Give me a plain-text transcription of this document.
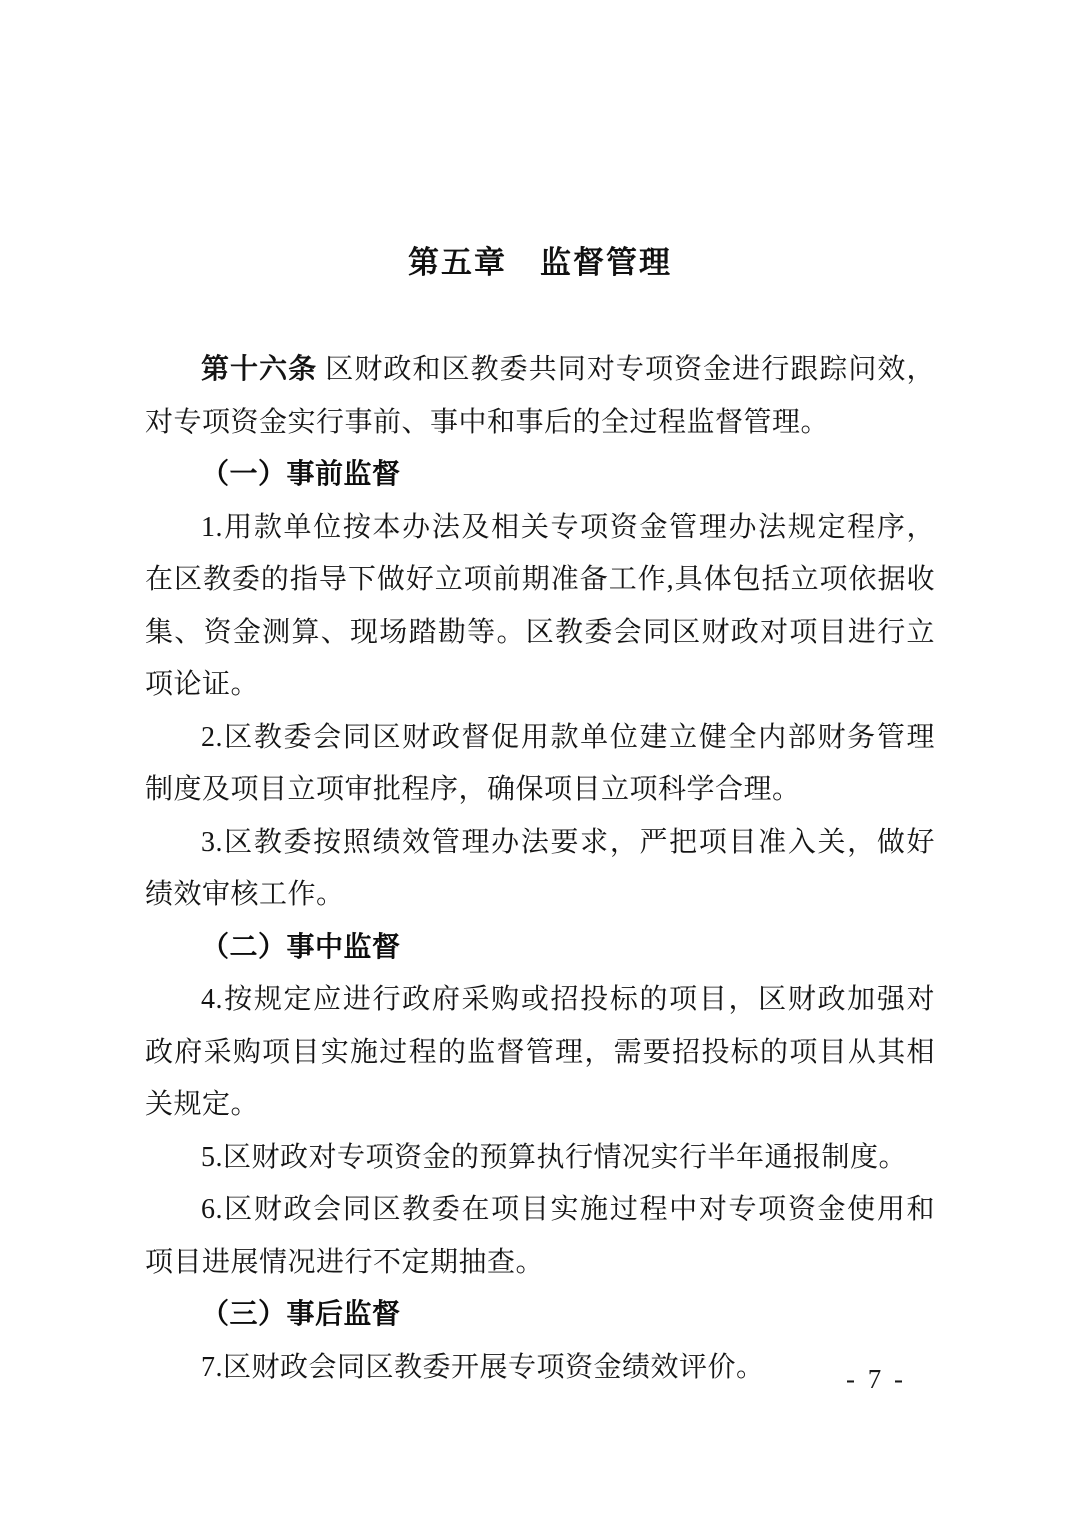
第五章　监督管理

第十六条 区财政和区教委共同对专项资金进行跟踪问效，对专项资金实行事前、事中和事后的全过程监督管理。

（一）事前监督

1.用款单位按本办法及相关专项资金管理办法规定程序，在区教委的指导下做好立项前期准备工作,具体包括立项依据收集、资金测算、现场踏勘等。区教委会同区财政对项目进行立项论证。

2.区教委会同区财政督促用款单位建立健全内部财务管理制度及项目立项审批程序，确保项目立项科学合理。

3.区教委按照绩效管理办法要求，严把项目准入关，做好绩效审核工作。

（二）事中监督

4.按规定应进行政府采购或招投标的项目，区财政加强对政府采购项目实施过程的监督管理，需要招投标的项目从其相关规定。

5.区财政对专项资金的预算执行情况实行半年通报制度。

6.区财政会同区教委在项目实施过程中对专项资金使用和项目进展情况进行不定期抽查。

（三）事后监督

7.区财政会同区教委开展专项资金绩效评价。	- 7 -
